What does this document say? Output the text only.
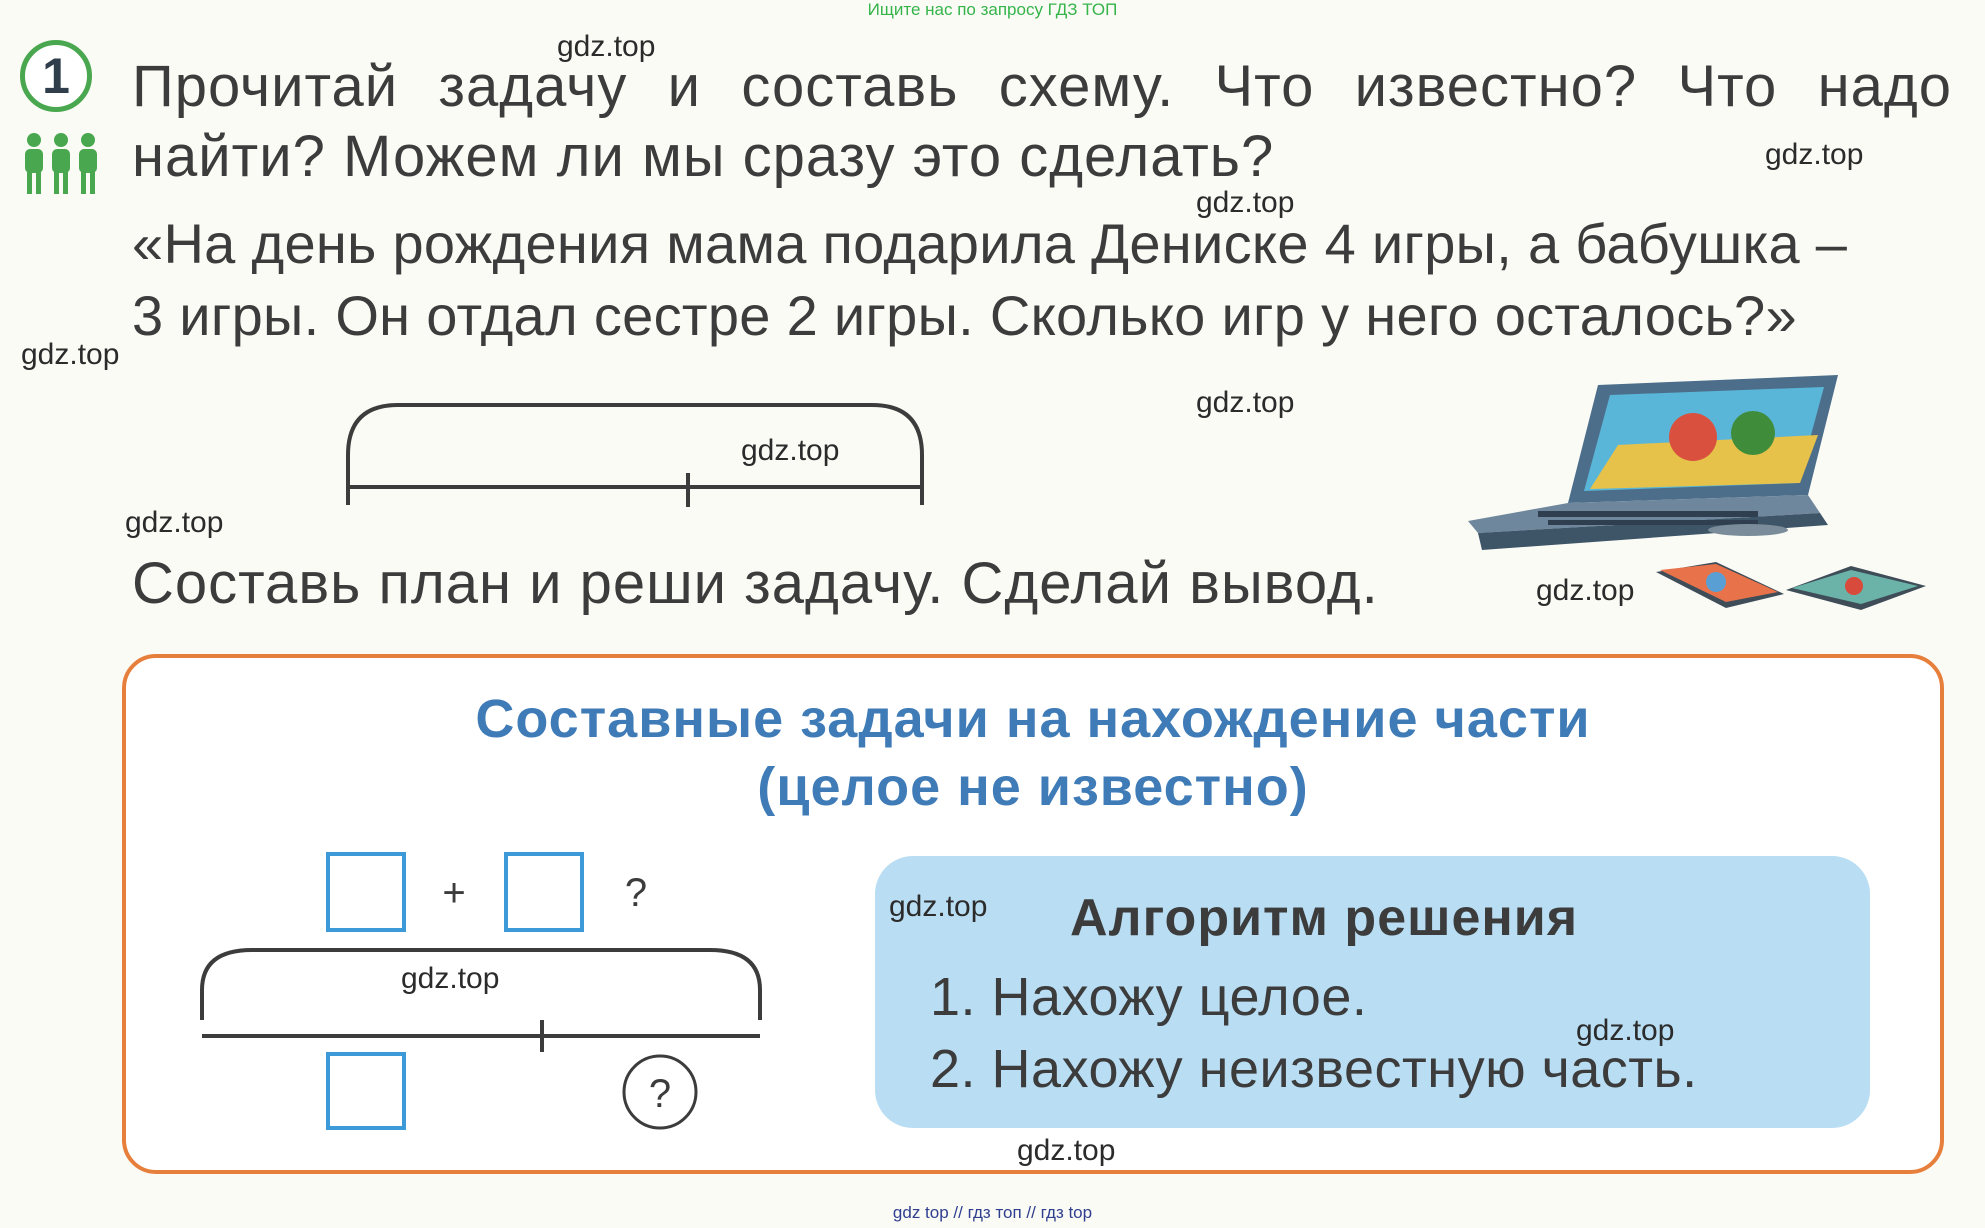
Ищите нас по запросу ГДЗ ТОП
1 Прочитай задачу и составь схему. Что известно? Что надо
найти? Можем ли мы сразу это сделать?
«На день рождения мама подарила Дениске 4 игры, а бабушка –
3 игры. Он отдал сестре 2 игры. Сколько игр у него осталось?»
Составь план и реши задачу. Сделай вывод.
Составные задачи на нахождение части
(целое не известно)
+	?
?
Алгоритм решения
1. Нахожу целое.
2. Нахожу неизвестную часть.
gdz.top
gdz.top
gdz.top
gdz.top
gdz.top
gdz.top
gdz.top
gdz.top
gdz.top
gdz.top
gdz.top
gdz.top
gdz top // гдз топ // гдз top
